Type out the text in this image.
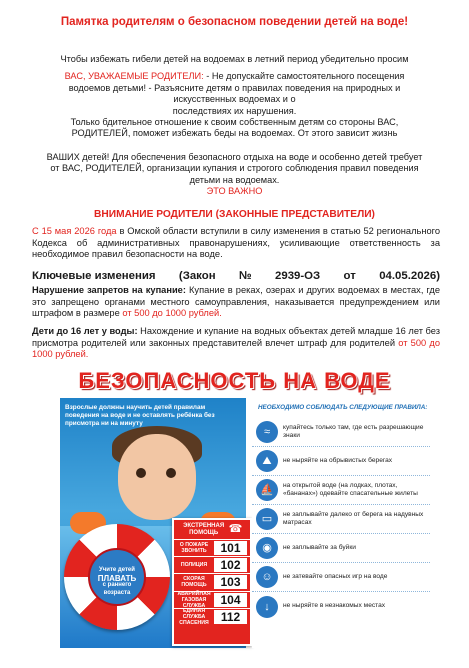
Памятка родителям о безопасном поведении детей на воде!
Чтобы избежать гибели детей на водоемах в летний период убедительно просим
ВАС, УВАЖАЕМЫЕ РОДИТЕЛИ: - Не допускайте самостоятельного посещения
водоемов детьми! - Разъясните детям о правилах поведения на природных и
искусственных водоемах и о
последствиях их нарушения.
Только бдительное отношение к своим собственным детям со стороны ВАС,
РОДИТЕЛЕЙ, поможет избежать беды на водоемах. От этого зависит жизнь
ВАШИХ детей! Для обеспечения безопасного отдыха на воде и особенно детей требует
от ВАС, РОДИТЕЛЕЙ, организации купания и строгого соблюдения правил поведения
детьми на водоемах.
ЭТО ВАЖНО
ВНИМАНИЕ РОДИТЕЛИ (ЗАКОННЫЕ ПРЕДСТАВИТЕЛИ)
С 15 мая 2026 года в Омской области вступили в силу изменения в статью 52 регионального Кодекса об административных правонарушениях, усиливающие ответственность за необходимое правил безопасности на воде.
Ключевые изменения (Закон № 2939-ОЗ от 04.05.2026)
Нарушение запретов на купание: Купание в реках, озерах и других водоемах в местах, где это запрещено органами местного самоуправления, наказывается предупреждением или штрафом в размере от 500 до 1000 рублей.
Дети до 16 лет у воды: Нахождение и купание на водных объектах детей младше 16 лет без присмотра родителей или законных представителей влечет штраф для родителей от 500 до 1000 рублей.
БЕЗОПАСНОСТЬ НА ВОДЕ
Взрослые должны научить детей правилам поведения на воде и не оставлять ребёнка без присмотра ни на минуту
Учите детей
ПЛАВАТЬ
с раннего возраста
ЭКСТРЕННАЯ ПОМОЩЬ ☎
О ПОЖАРЕ ЗВОНИТЬ	101
ПОЛИЦИЯ	102
СКОРАЯ ПОМОЩЬ	103
АВАРИЙНАЯ ГАЗОВАЯ СЛУЖБА	104
ЕДИНАЯ СЛУЖБА СПАСЕНИЯ	112
НЕОБХОДИМО СОБЛЮДАТЬ СЛЕДУЮЩИЕ ПРАВИЛА:
≈	купайтесь только там, где есть разрешающие знаки
⛰	не ныряйте на обрывистых берегах
⛵	на открытой воде (на лодках, плотах, «бананах») одевайте спасательные жилеты
▭	не заплывайте далеко от берега на надувных матрасах
◉	не заплывайте за буйки
☺	не затевайте опасных игр на воде
↓	не ныряйте в незнакомых местах
